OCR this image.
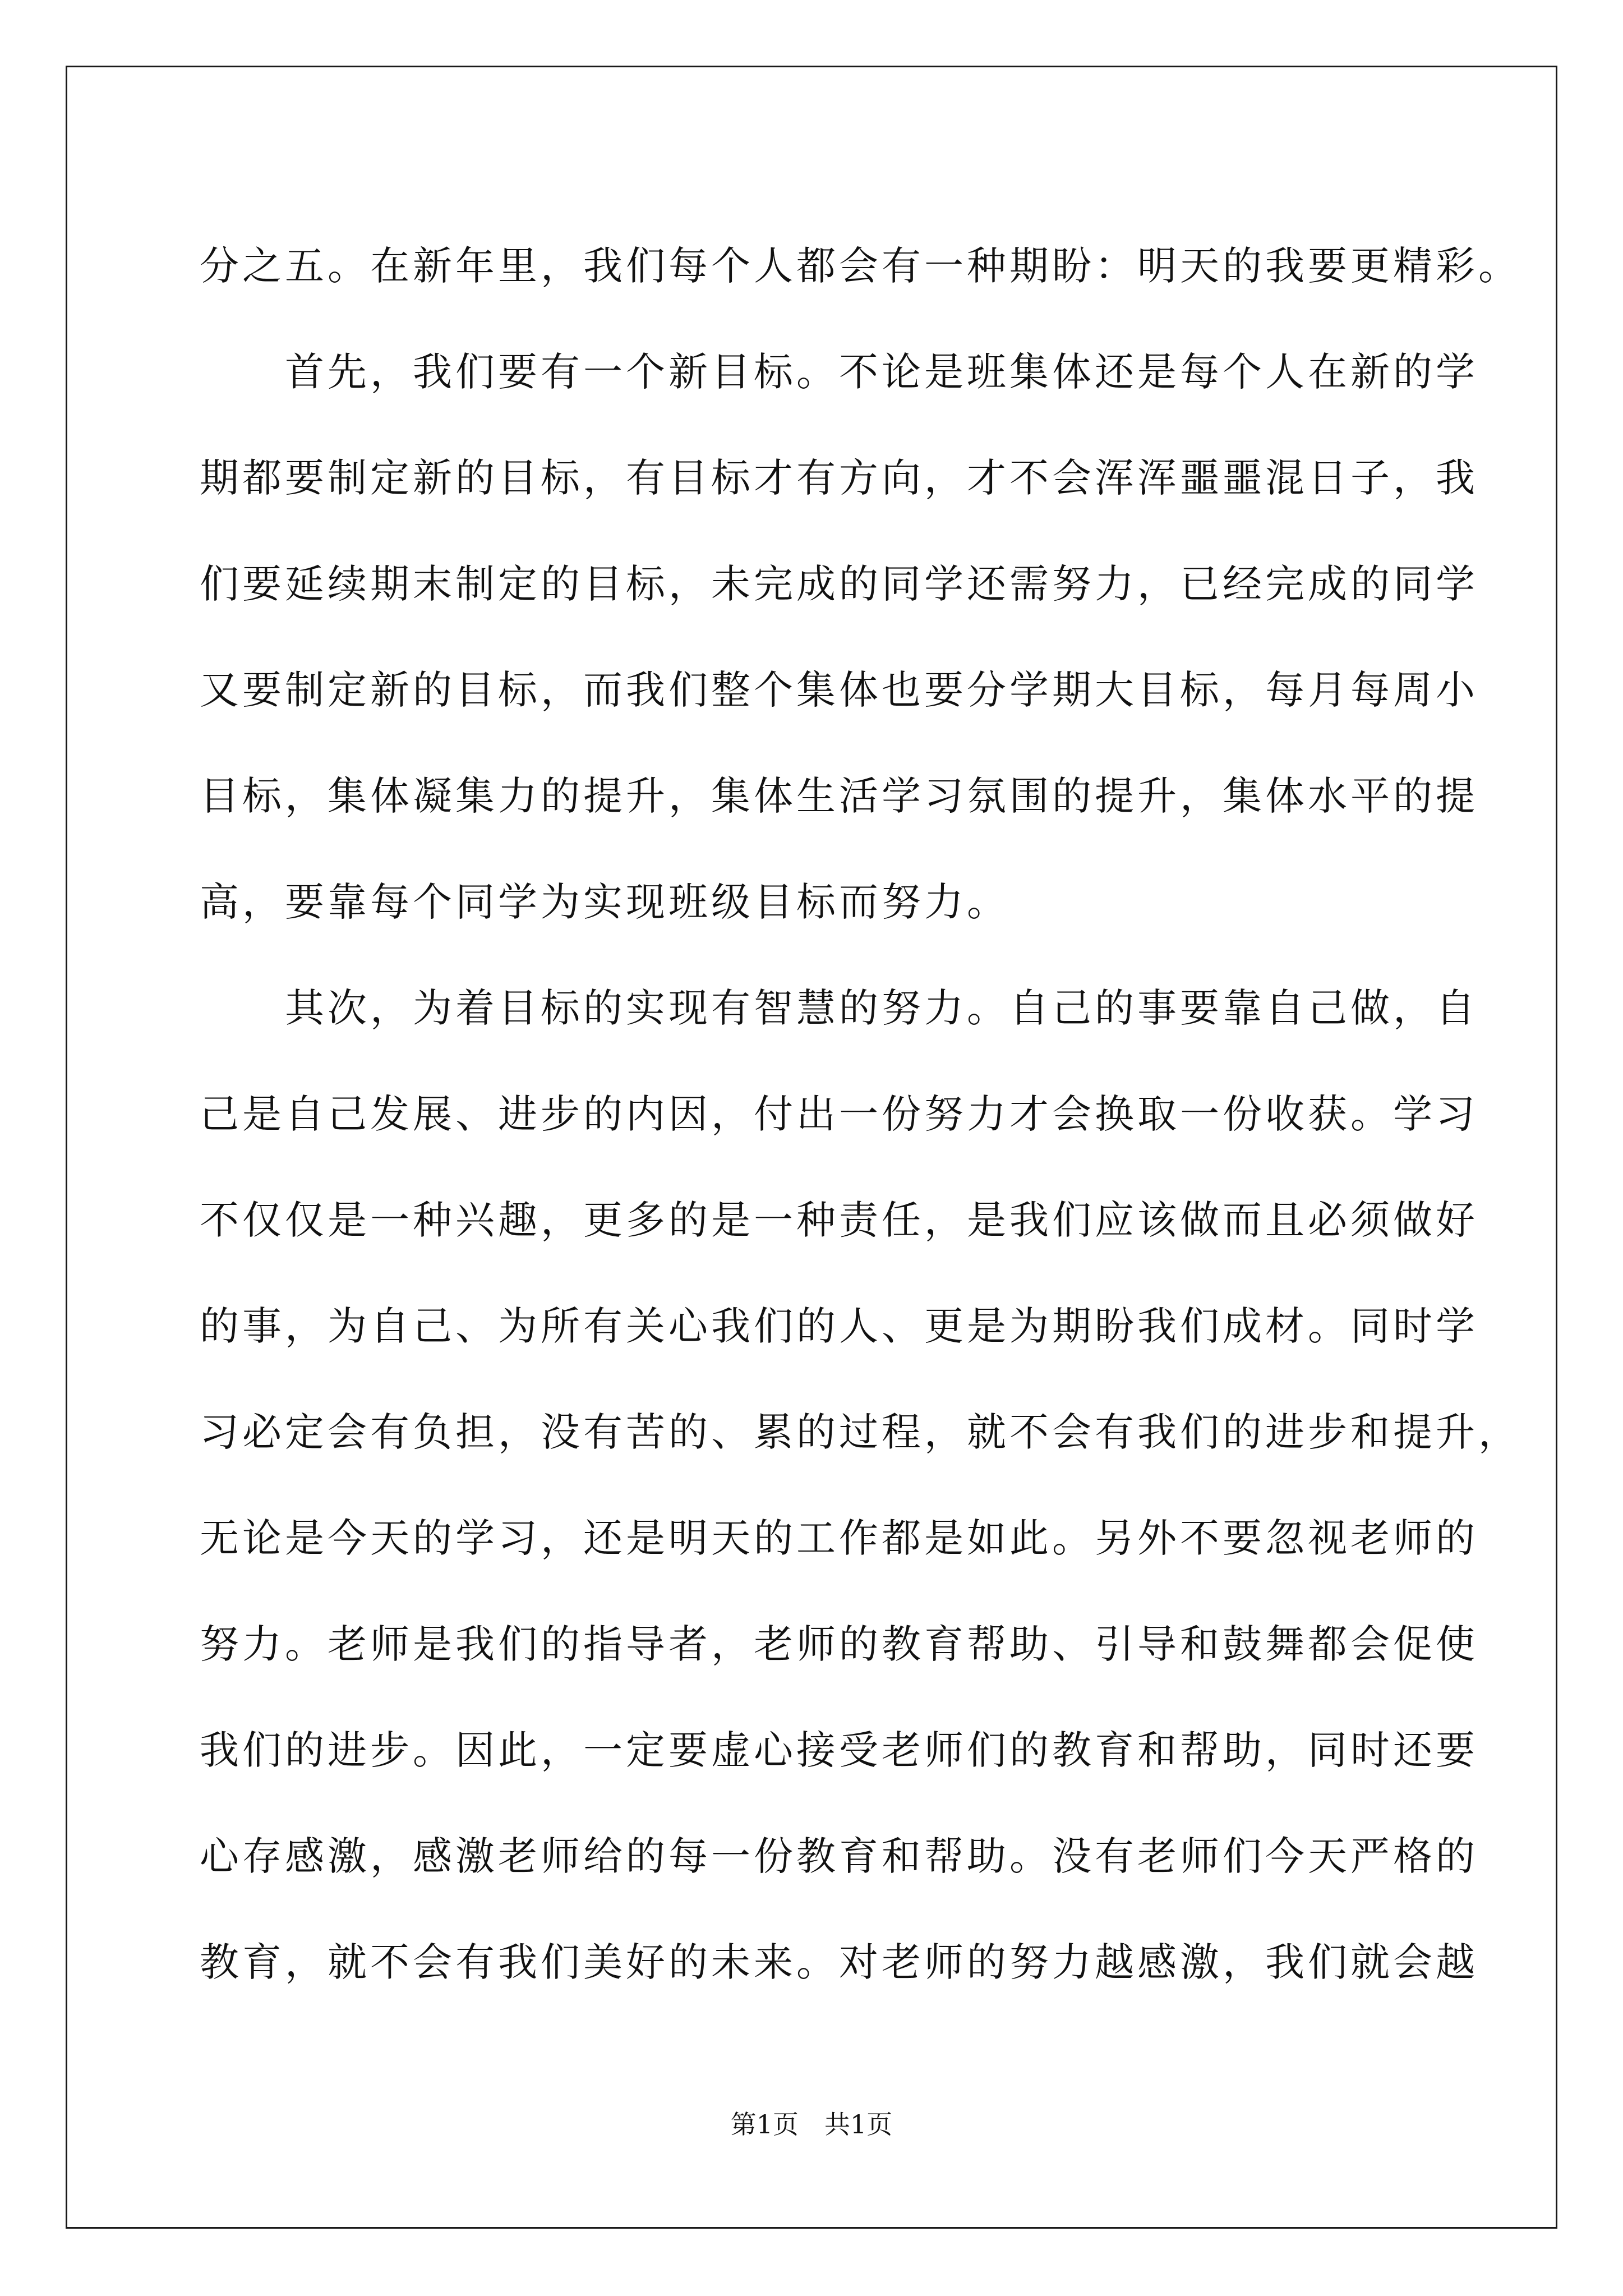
分之五。在新年里，我们每个人都会有一种期盼：明天的我要更精彩。
　　首先，我们要有一个新目标。不论是班集体还是每个人在新的学
期都要制定新的目标，有目标才有方向，才不会浑浑噩噩混日子，我
们要延续期末制定的目标，未完成的同学还需努力，已经完成的同学
又要制定新的目标，而我们整个集体也要分学期大目标，每月每周小
目标，集体凝集力的提升，集体生活学习氛围的提升，集体水平的提
高，要靠每个同学为实现班级目标而努力。
　　其次，为着目标的实现有智慧的努力。自己的事要靠自己做，自
己是自己发展、进步的内因，付出一份努力才会换取一份收获。学习
不仅仅是一种兴趣，更多的是一种责任，是我们应该做而且必须做好
的事，为自己、为所有关心我们的人、更是为期盼我们成材。同时学
习必定会有负担，没有苦的、累的过程，就不会有我们的进步和提升，
无论是今天的学习，还是明天的工作都是如此。另外不要忽视老师的
努力。老师是我们的指导者，老师的教育帮助、引导和鼓舞都会促使
我们的进步。因此，一定要虚心接受老师们的教育和帮助，同时还要
心存感激，感激老师给的每一份教育和帮助。没有老师们今天严格的
教育，就不会有我们美好的未来。对老师的努力越感激，我们就会越
第1页 共1页
